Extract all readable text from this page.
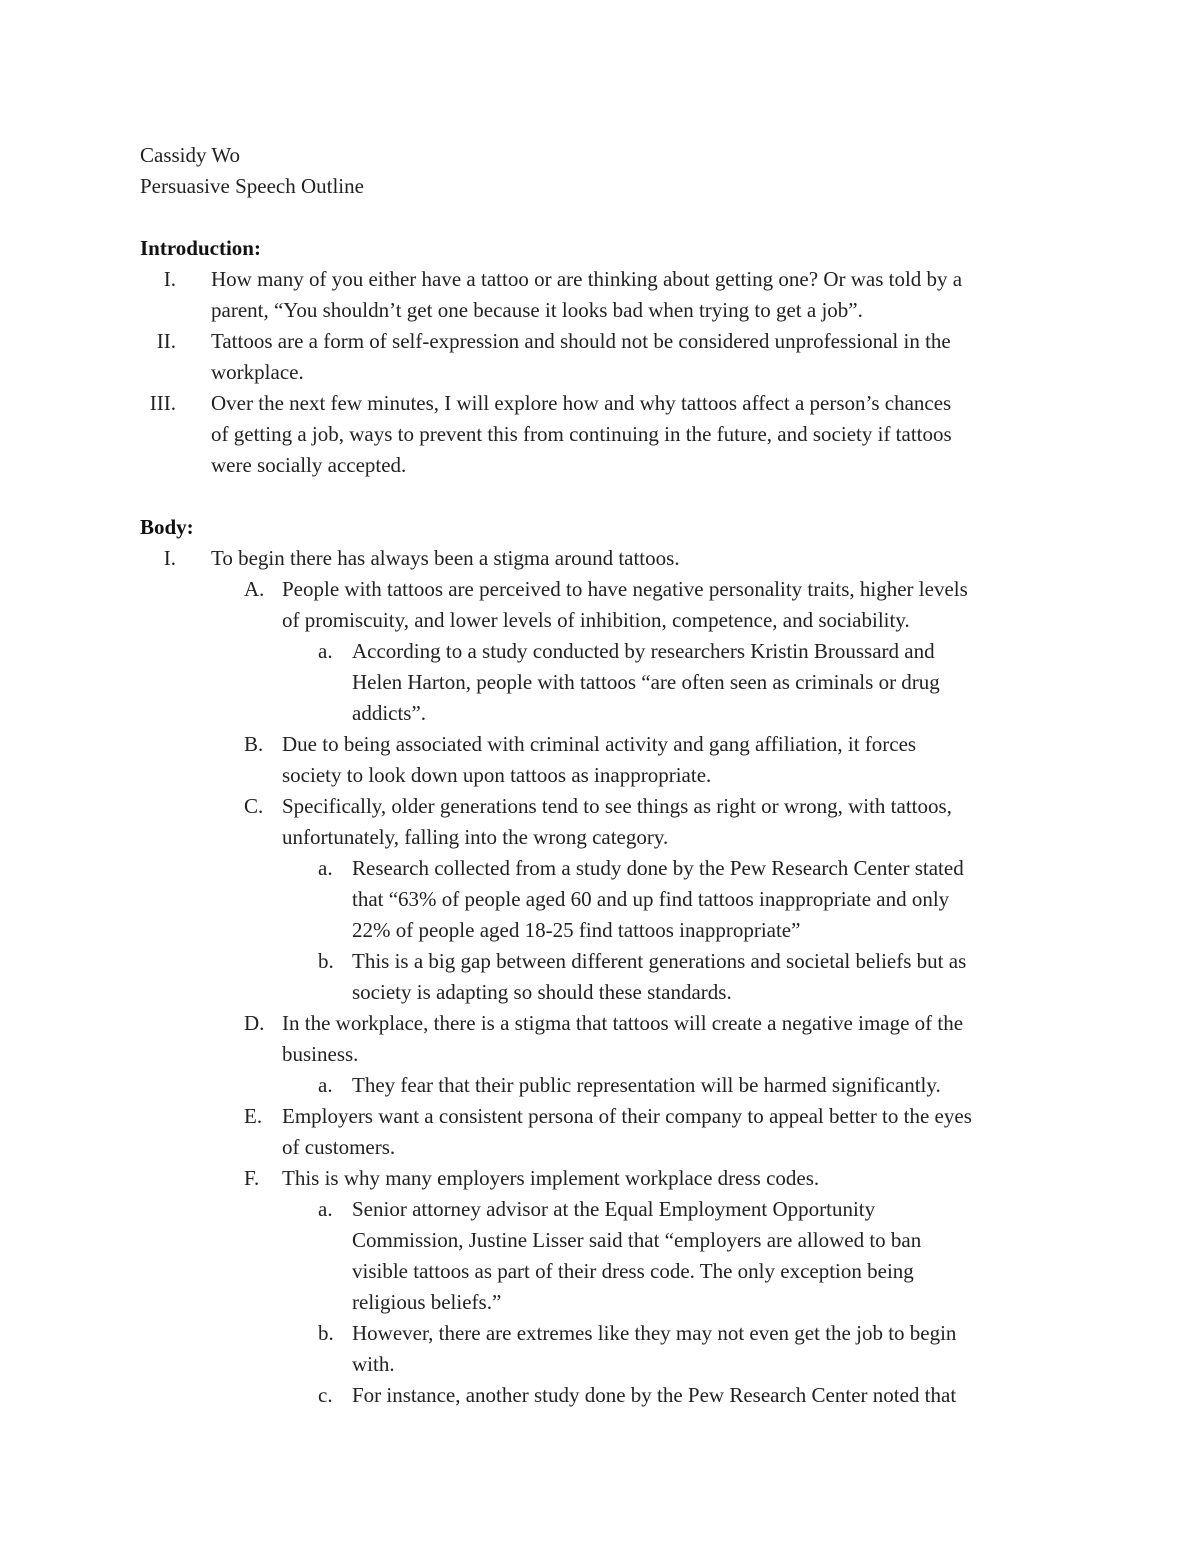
Cassidy Wo
Persuasive Speech Outline
Introduction:
I. How many of you either have a tattoo or are thinking about getting one? Or was told by a
parent, “You shouldn’t get one because it looks bad when trying to get a job”.
II. Tattoos are a form of self-expression and should not be considered unprofessional in the
workplace.
III. Over the next few minutes, I will explore how and why tattoos affect a person’s chances
of getting a job, ways to prevent this from continuing in the future, and society if tattoos
were socially accepted.
Body:
I. To begin there has always been a stigma around tattoos.
A. People with tattoos are perceived to have negative personality traits, higher levels
of promiscuity, and lower levels of inhibition, competence, and sociability.
a. According to a study conducted by researchers Kristin Broussard and
Helen Harton, people with tattoos “are often seen as criminals or drug
addicts”.
B. Due to being associated with criminal activity and gang affiliation, it forces
society to look down upon tattoos as inappropriate.
C. Specifically, older generations tend to see things as right or wrong, with tattoos,
unfortunately, falling into the wrong category.
a. Research collected from a study done by the Pew Research Center stated
that “63% of people aged 60 and up find tattoos inappropriate and only
22% of people aged 18-25 find tattoos inappropriate”
b. This is a big gap between different generations and societal beliefs but as
society is adapting so should these standards.
D. In the workplace, there is a stigma that tattoos will create a negative image of the
business.
a. They fear that their public representation will be harmed significantly.
E. Employers want a consistent persona of their company to appeal better to the eyes
of customers.
F. This is why many employers implement workplace dress codes.
a. Senior attorney advisor at the Equal Employment Opportunity
Commission, Justine Lisser said that “employers are allowed to ban
visible tattoos as part of their dress code. The only exception being
religious beliefs.”
b. However, there are extremes like they may not even get the job to begin
with.
c. For instance, another study done by the Pew Research Center noted that
